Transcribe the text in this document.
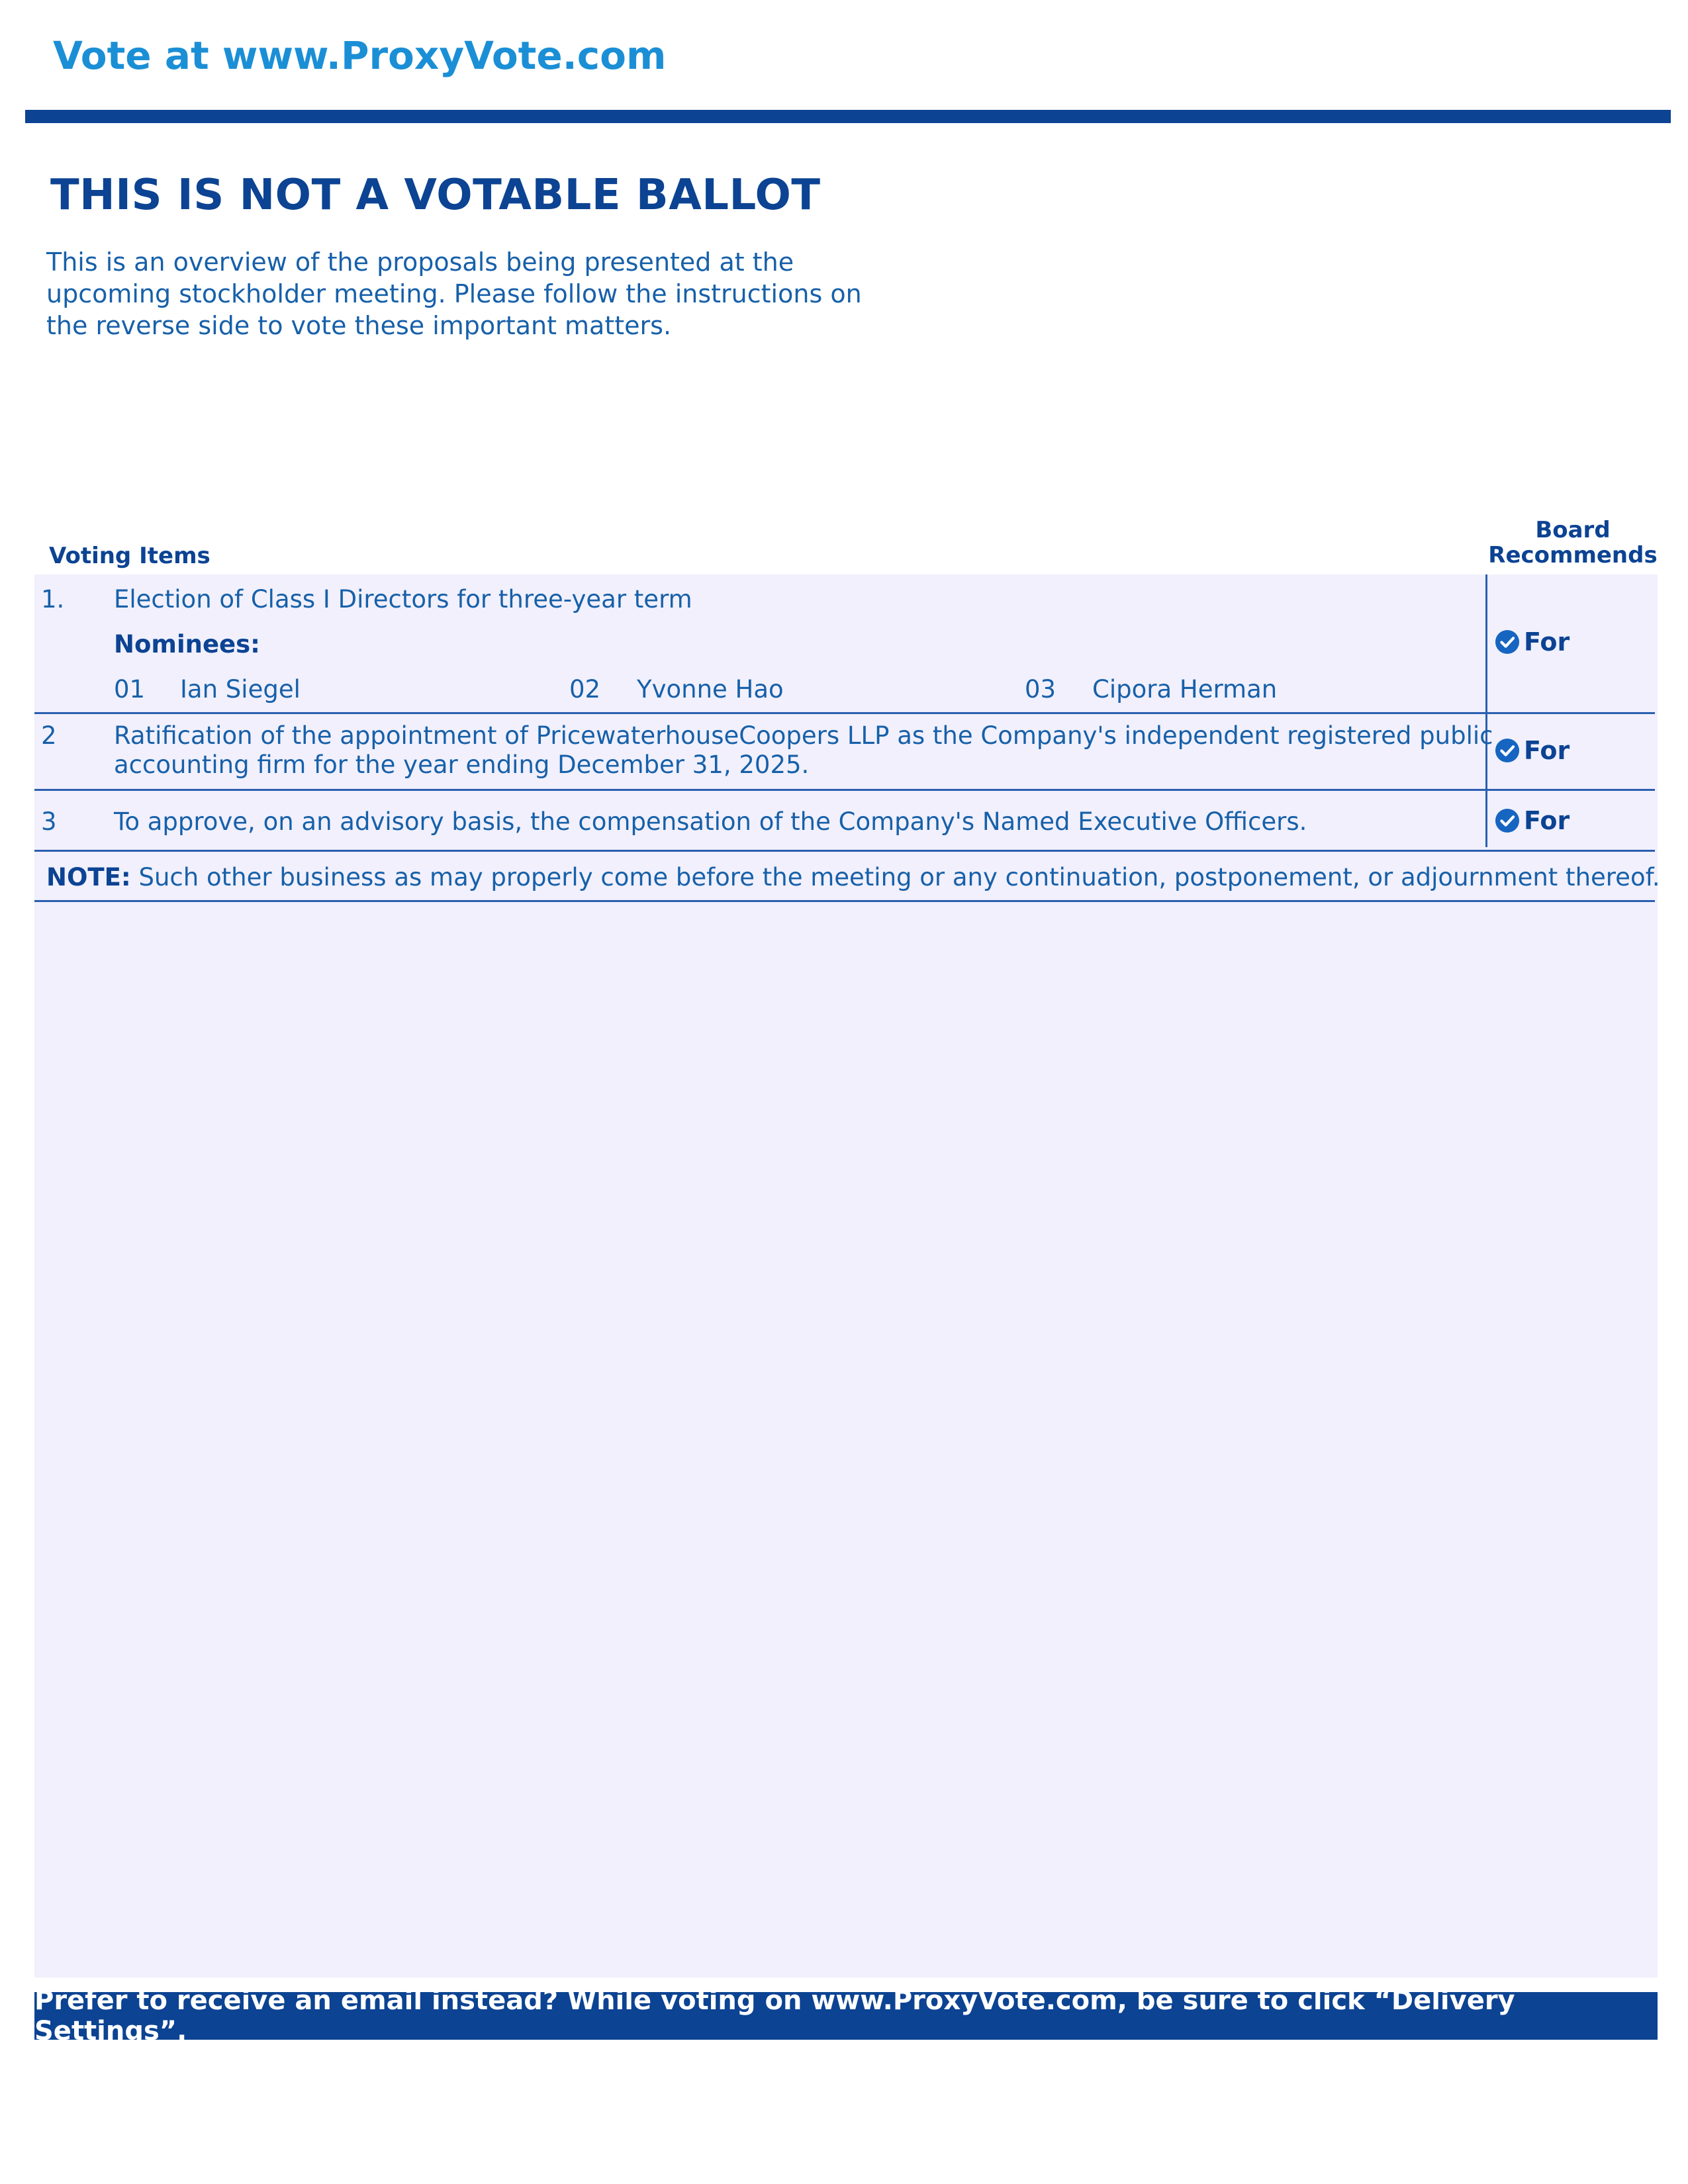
Vote at www.ProxyVote.com
THIS IS NOT A VOTABLE BALLOT
This is an overview of the proposals being presented at the upcoming stockholder meeting. Please follow the instructions on the reverse side to vote these important matters.
Voting Items
Board
Recommends
1. Election of Class I Directors for three-year term
Nominees:
01 Ian Siegel	02 Yvonne Hao	03 Cipora Herman
For
2 Ratification of the appointment of PricewaterhouseCoopers LLP as the Company's independent registered public
accounting firm for the year ending December 31, 2025.	For
3 To approve, on an advisory basis, the compensation of the Company's Named Executive Officers.	For
NOTE: Such other business as may properly come before the meeting or any continuation, postponement, or adjournment thereof.
Prefer to receive an email instead? While voting on www.ProxyVote.com, be sure to click “Delivery Settings”.
